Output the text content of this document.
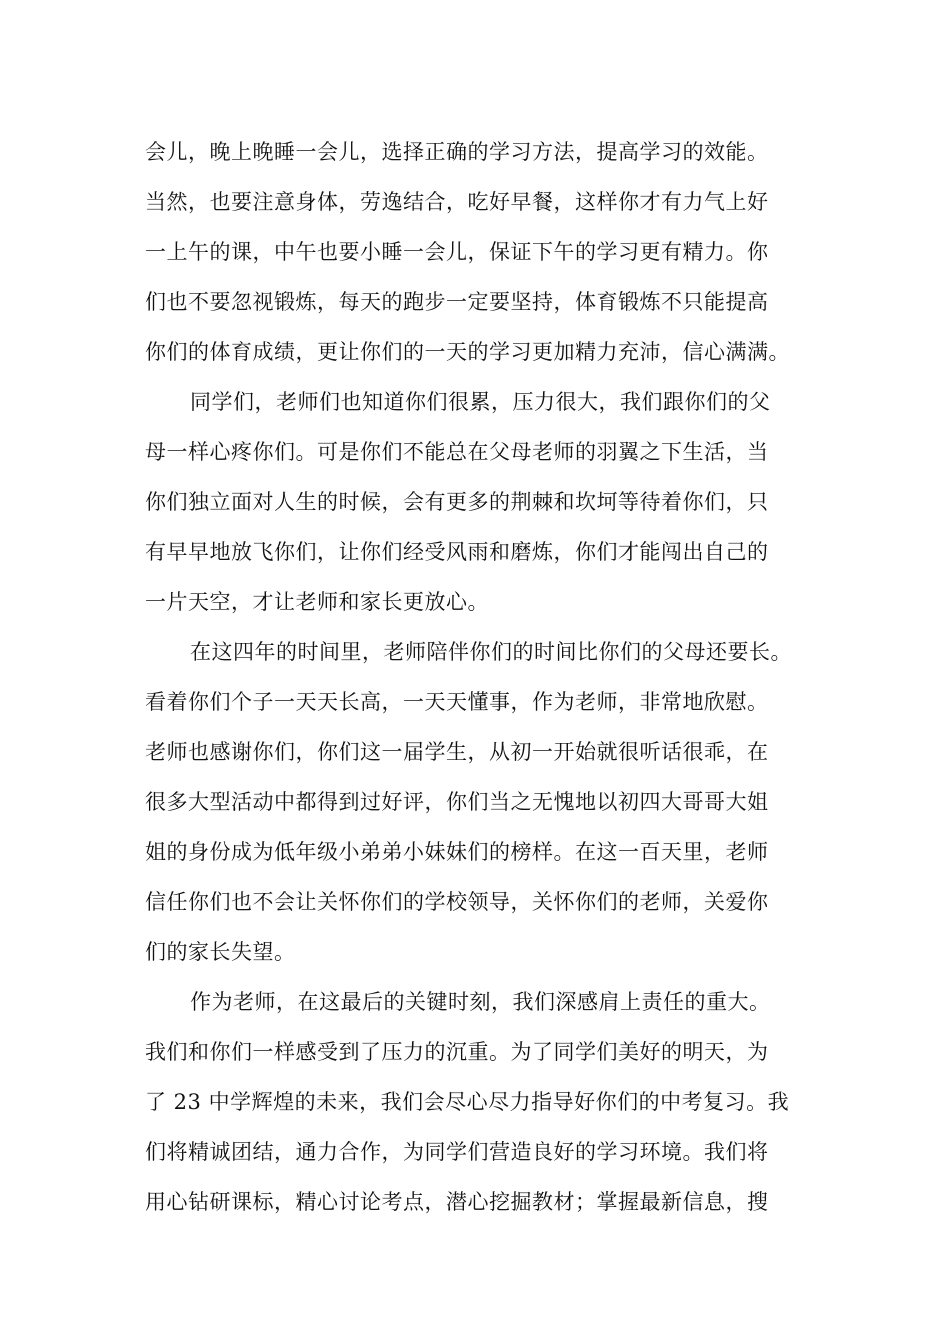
会儿，晚上晚睡一会儿，选择正确的学习方法，提高学习的效能。
当然，也要注意身体，劳逸结合，吃好早餐，这样你才有力气上好
一上午的课，中午也要小睡一会儿，保证下午的学习更有精力。你
们也不要忽视锻炼，每天的跑步一定要坚持，体育锻炼不只能提高
你们的体育成绩，更让你们的一天的学习更加精力充沛，信心满满。
同学们，老师们也知道你们很累，压力很大，我们跟你们的父
母一样心疼你们。可是你们不能总在父母老师的羽翼之下生活，当
你们独立面对人生的时候，会有更多的荆棘和坎坷等待着你们，只
有早早地放飞你们，让你们经受风雨和磨炼，你们才能闯出自己的
一片天空，才让老师和家长更放心。
在这四年的时间里，老师陪伴你们的时间比你们的父母还要长。
看着你们个子一天天长高，一天天懂事，作为老师，非常地欣慰。
老师也感谢你们，你们这一届学生，从初一开始就很听话很乖，在
很多大型活动中都得到过好评，你们当之无愧地以初四大哥哥大姐
姐的身份成为低年级小弟弟小妹妹们的榜样。在这一百天里，老师
信任你们也不会让关怀你们的学校领导，关怀你们的老师，关爱你
们的家长失望。
作为老师，在这最后的关键时刻，我们深感肩上责任的重大。
我们和你们一样感受到了压力的沉重。为了同学们美好的明天，为
了 23 中学辉煌的未来，我们会尽心尽力指导好你们的中考复习。我
们将精诚团结，通力合作，为同学们营造良好的学习环境。我们将
用心钻研课标，精心讨论考点，潜心挖掘教材；掌握最新信息，搜
